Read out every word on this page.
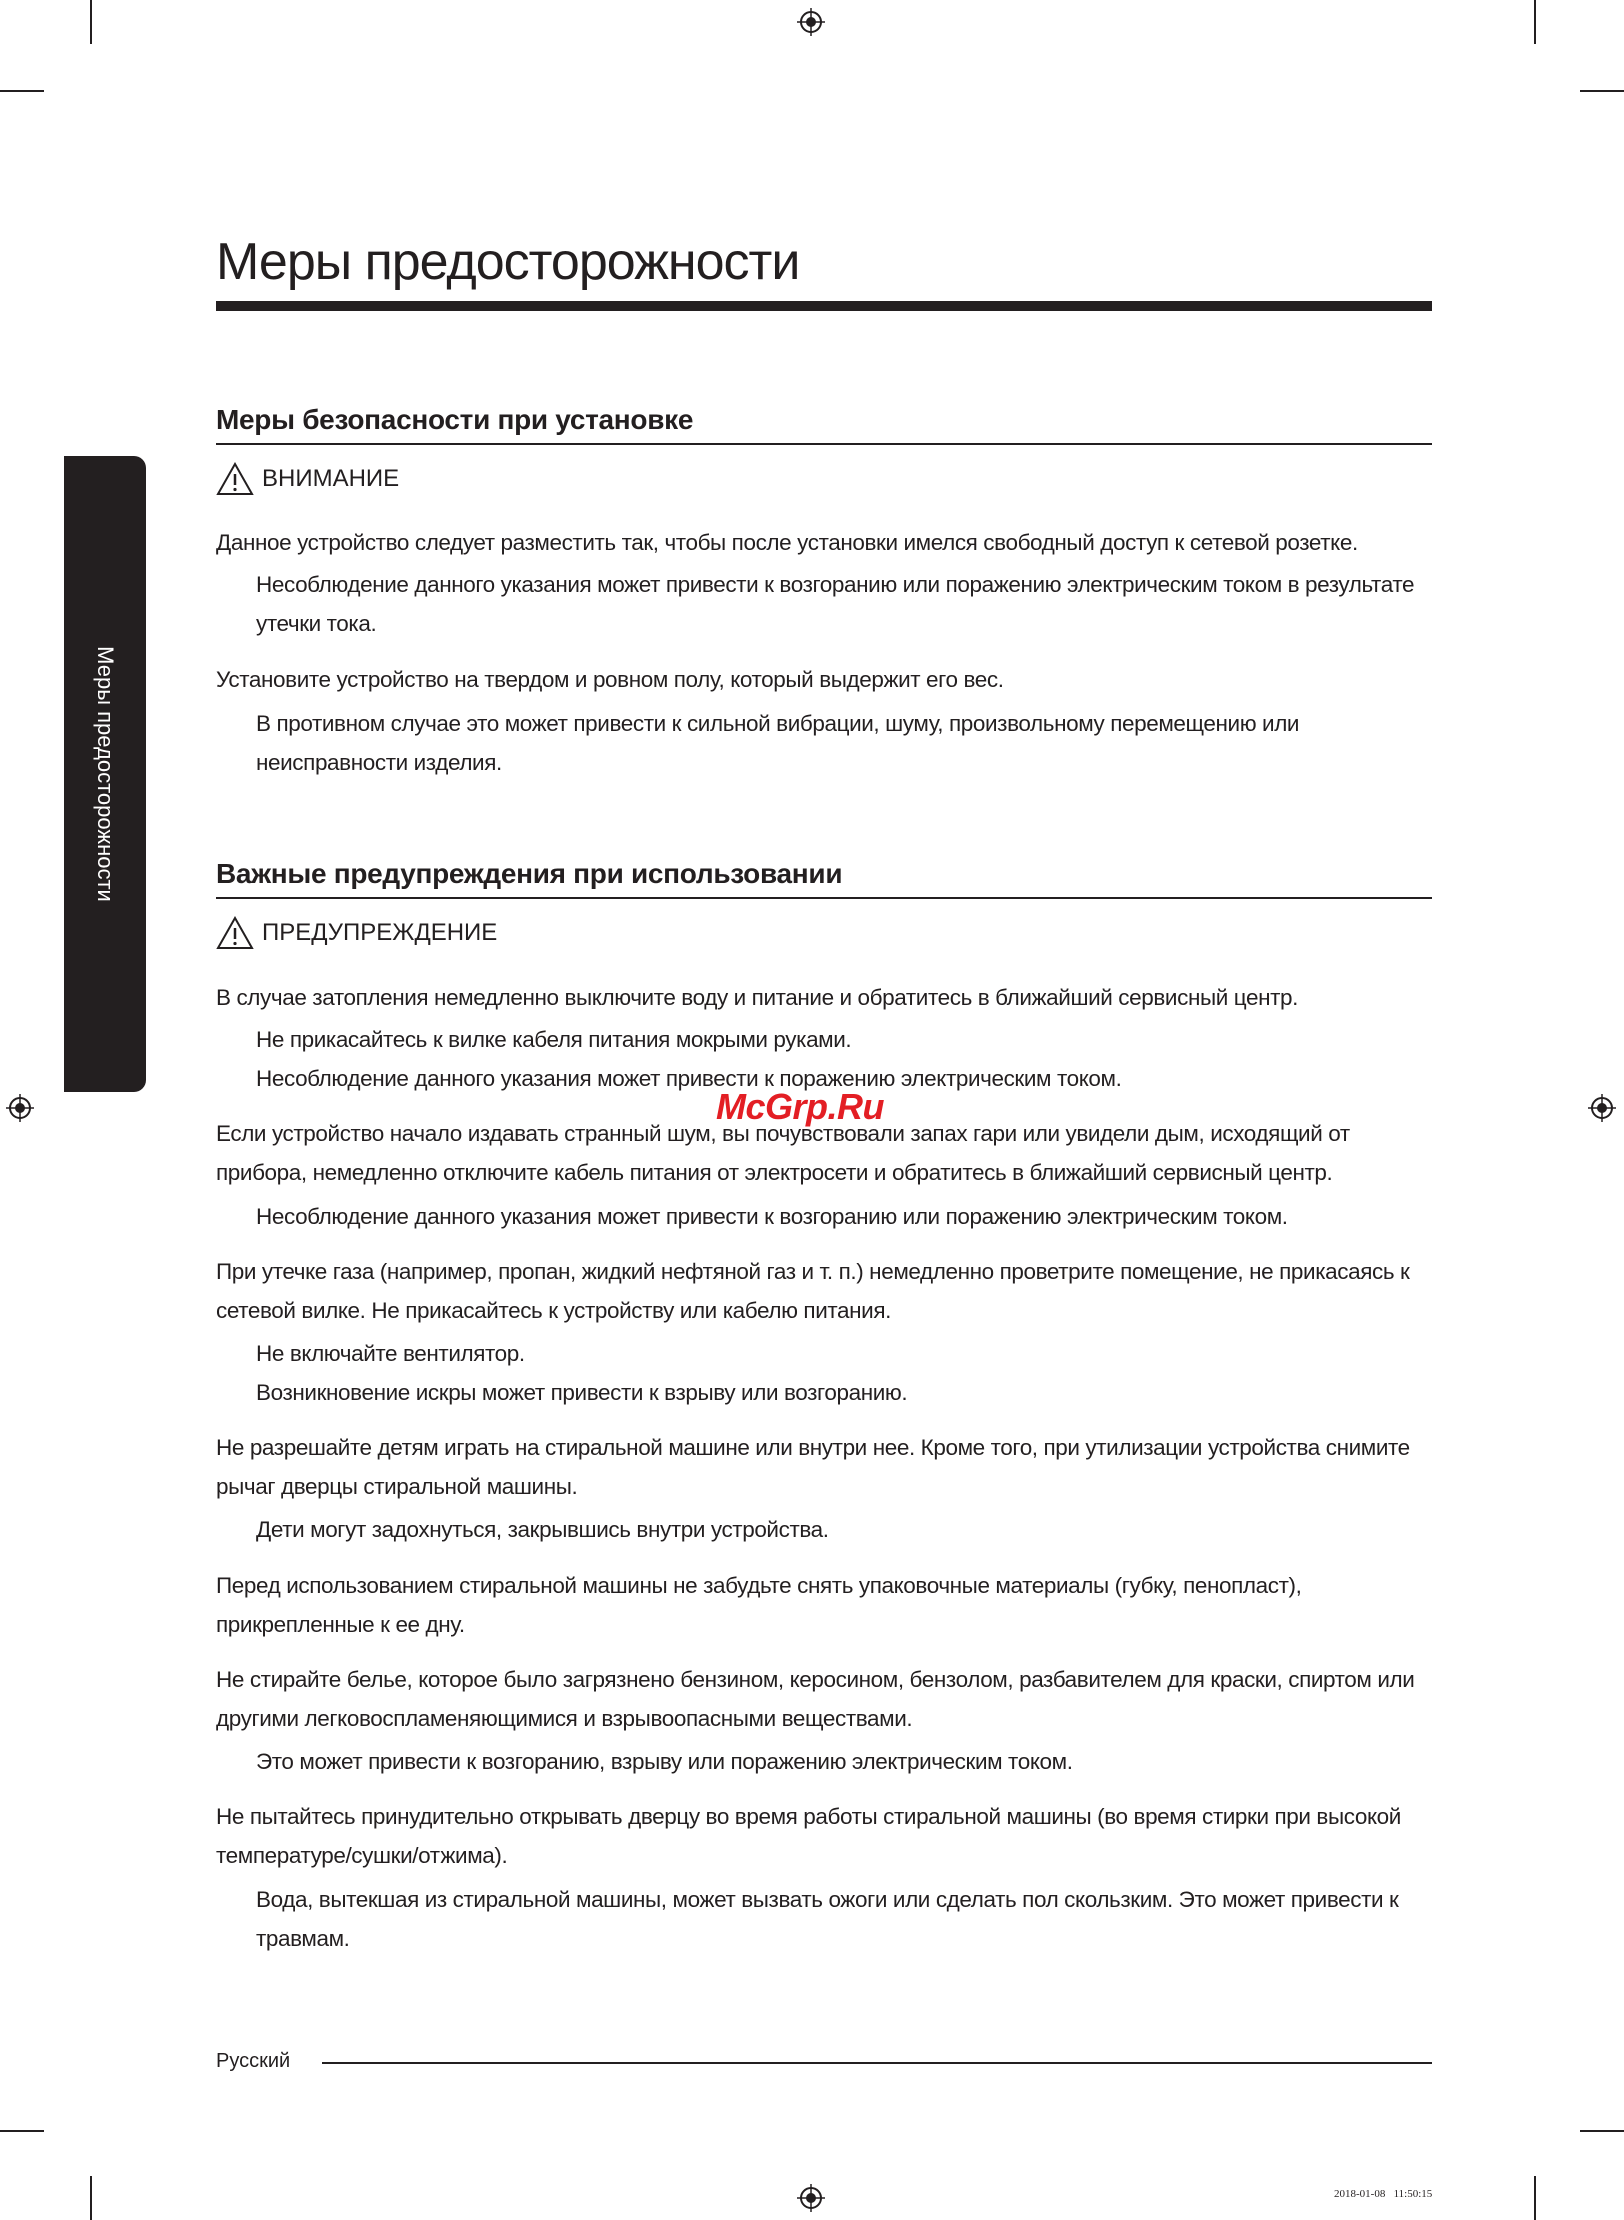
Меры предосторожности
Меры предосторожности
Меры безопасности при установке
ВНИМАНИЕ

Данное устройство следует разместить так, чтобы после установки имелся свободный доступ к сетевой розетке.

Несоблюдение данного указания может привести к возгоранию или поражению электрическим током в результате утечки тока.

Установите устройство на твердом и ровном полу, который выдержит его вес.

В противном случае это может привести к сильной вибрации, шуму, произвольному перемещению или неисправности изделия.

Важные предупреждения при использовании
ПРЕДУПРЕЖДЕНИЕ

В случае затопления немедленно выключите воду и питание и обратитесь в ближайший сервисный центр.

Не прикасайтесь к вилке кабеля питания мокрыми руками.

Несоблюдение данного указания может привести к поражению электрическим током.

Если устройство начало издавать странный шум, вы почувствовали запах гари или увидели дым, исходящий от прибора, немедленно отключите кабель питания от электросети и обратитесь в ближайший сервисный центр.

Несоблюдение данного указания может привести к возгоранию или поражению электрическим током.

При утечке газа (например, пропан, жидкий нефтяной газ и т. п.) немедленно проветрите помещение, не прикасаясь к сетевой вилке. Не прикасайтесь к устройству или кабелю питания.

Не включайте вентилятор.

Возникновение искры может привести к взрыву или возгоранию.

Не разрешайте детям играть на стиральной машине или внутри нее. Кроме того, при утилизации устройства снимите рычаг дверцы стиральной машины.

Дети могут задохнуться, закрывшись внутри устройства.

Перед использованием стиральной машины не забудьте снять упаковочные материалы (губку, пенопласт), прикрепленные к ее дну.

Не стирайте белье, которое было загрязнено бензином, керосином, бензолом, разбавителем для краски, спиртом или другими легковоспламеняющимися и взрывоопасными веществами.

Это может привести к возгоранию, взрыву или поражению электрическим током.

Не пытайтесь принудительно открывать дверцу во время работы стиральной машины (во время стирки при высокой температуре/сушки/отжима).

Вода, вытекшая из стиральной машины, может вызвать ожоги или сделать пол скользким. Это может привести к травмам.

McGrp.Ru
Русский
2018-01-08   11:50:15
